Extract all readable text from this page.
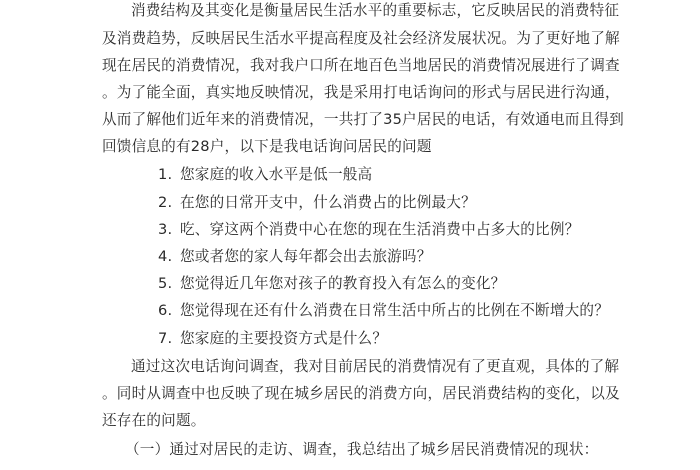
消费结构及其变化是衡量居民生活水平的重要标志，它反映居民的消费特征
及消费趋势，反映居民生活水平提高程度及社会经济发展状况。为了更好地了解
现在居民的消费情况，我对我户口所在地百色当地居民的消费情况展进行了调查
。为了能全面，真实地反映情况，我是采用打电话询问的形式与居民进行沟通，
从而了解他们近年来的消费情况，一共打了35户居民的电话，有效通电而且得到
回馈信息的有28户，以下是我电话询问居民的问题
1. 您家庭的收入水平是低一般高
2. 在您的日常开支中，什么消费占的比例最大？
3. 吃、穿这两个消费中心在您的现在生活消费中占多大的比例？
4. 您或者您的家人每年都会出去旅游吗？
5. 您觉得近几年您对孩子的教育投入有怎么的变化？
6. 您觉得现在还有什么消费在日常生活中所占的比例在不断增大的？
7. 您家庭的主要投资方式是什么？
通过这次电话询问调查，我对目前居民的消费情况有了更直观，具体的了解
。同时从调查中也反映了现在城乡居民的消费方向，居民消费结构的变化，以及
还存在的问题。
（一）通过对居民的走访、调查，我总结出了城乡居民消费情况的现状：
